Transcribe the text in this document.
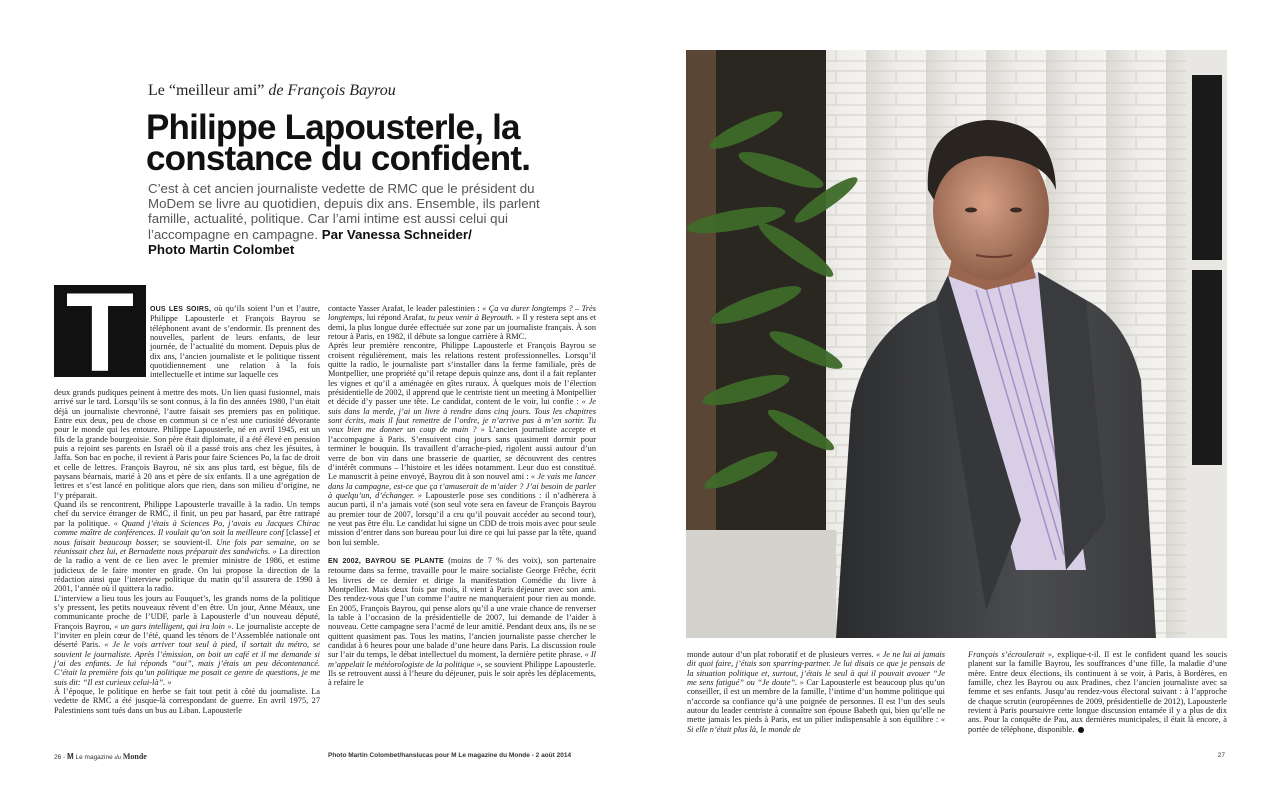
Le “meilleur ami” de François Bayrou
Philippe Lapousterle, la constance du confident.
C’est à cet ancien journaliste vedette de RMC que le président du MoDem se livre au quotidien, depuis dix ans. Ensemble, ils parlent famille, actualité, politique. Car l’ami intime est aussi celui qui l’accompagne en campagne. Par Vanessa Schneider/
Photo Martin Colombet
T OUS LES SOIRS, où qu’ils soient l’un et l’autre, Philippe Lapousterle et François Bayrou se téléphonent avant de s’endormir. Ils prennent des nouvelles, parlent de leurs enfants, de leur journée, de l’actualité du moment. Depuis plus de dix ans, l’ancien journaliste et le politique tissent quotidiennement une relation à la fois intellectuelle et intime sur laquelle ces

deux grands pudiques peinent à mettre des mots. Un lien quasi fusionnel, mais arrivé sur le tard. Lorsqu’ils se sont connus, à la fin des années 1980, l’un était déjà un journaliste chevronné, l’autre faisait ses premiers pas en politique. Entre eux deux, peu de chose en commun si ce n’est une curiosité dévorante pour le monde qui les entoure. Philippe Lapousterle, né en avril 1945, est un fils de la grande bourgeoisie. Son père était diplomate, il a été élevé en pension puis a rejoint ses parents en Israël où il a passé trois ans chez les jésuites, à Jaffa. Son bac en poche, il revient à Paris pour faire Sciences Po, la fac de droit et celle de lettres. François Bayrou, né six ans plus tard, est bègue, fils de paysans béarnais, marié à 20 ans et père de six enfants. Il a une agrégation de lettres et s’est lancé en politique alors que rien, dans son milieu d’origine, ne l’y préparait.

Quand ils se rencontrent, Philippe Lapousterle travaille à la radio. Un temps chef du service étranger de RMC, il finit, un peu par hasard, par être rattrapé par la politique. « Quand j’étais à Sciences Po, j’avais eu Jacques Chirac comme maître de conférences. Il voulait qu’on soit la meilleure conf [classe] et nous faisait beaucoup bosser, se souvient-il. Une fois par semaine, on se réunissait chez lui, et Bernadette nous préparait des sandwichs. » La direction de la radio a vent de ce lien avec le premier ministre de 1986, et estime judicieux de le faire monter en grade. On lui propose la direction de la rédaction ainsi que l’interview politique du matin qu’il assurera de 1990 à 2001, l’année où il quittera la radio.

L’interview a lieu tous les jours au Fouquet’s, les grands noms de la politique s’y pressent, les petits nouveaux rêvent d’en être. Un jour, Anne Méaux, une communicante proche de l’UDF, parle à Lapousterle d’un nouveau député, François Bayrou, « un gars intelligent, qui ira loin ». Le journaliste accepte de l’inviter en plein cœur de l’été, quand les ténors de l’Assemblée nationale ont déserté Paris. « Je le vois arriver tout seul à pied, il sortait du métro, se souvient le journaliste. Après l’émission, on boit un café et il me demande si j’ai des enfants. Je lui réponds “oui”, mais j’étais un peu décontenancé. C’était la première fois qu’un politique me posait ce genre de questions, je me suis dit: “Il est curieux celui-là”. »

À l’époque, le politique en herbe se fait tout petit à côté du journaliste. La vedette de RMC a été jusque-là correspondant de guerre. En avril 1975, 27 Palestiniens sont tués dans un bus au Liban. Lapousterle

contacte Yasser Arafat, le leader palestinien : « Ça va durer longtemps ? – Très longtemps, lui répond Arafat, tu peux venir à Beyrouth. » Il y restera sept ans et demi, la plus longue durée effectuée sur zone par un journaliste français. À son retour à Paris, en 1982, il débute sa longue carrière à RMC.

Après leur première rencontre, Philippe Lapousterle et François Bayrou se croisent régulièrement, mais les relations restent professionnelles. Lorsqu’il quitte la radio, le journaliste part s’installer dans la ferme familiale, près de Montpellier, une propriété qu’il retape depuis quinze ans, dont il a fait replanter les vignes et qu’il a aménagée en gîtes ruraux. À quelques mois de l’élection présidentielle de 2002, il apprend que le centriste tient un meeting à Montpellier et décide d’y passer une tête. Le candidat, content de le voir, lui confie : « Je suis dans la merde, j’ai un livre à rendre dans cinq jours. Tous les chapitres sont écrits, mais il faut remettre de l’ordre, je n’arrive pas à m’en sortir. Tu veux bien me donner un coup de main ? » L’ancien journaliste accepte et l’accompagne à Paris. S’ensuivent cinq jours sans quasiment dormir pour terminer le bouquin. Ils travaillent d’arrache-pied, rigolent aussi autour d’un verre de bon vin dans une brasserie de quartier, se découvrent des centres d’intérêt communs – l’histoire et les idées notamment. Leur duo est constitué. Le manuscrit à peine envoyé, Bayrou dit à son nouvel ami : « Je vais me lancer dans la campagne, est-ce que ça t’amuserait de m’aider ? J’ai besoin de parler à quelqu’un, d’échanger. » Lapousterle pose ses conditions : il n’adhèrera à aucun parti, il n’a jamais voté (son seul vote sera en faveur de François Bayrou au premier tour de 2007, lorsqu’il a cru qu’il pouvait accéder au second tour), ne veut pas être élu. Le candidat lui signe un CDD de trois mois avec pour seule mission d’entrer dans son bureau pour lui dire ce qui lui passe par la tête, quand bon lui semble.

EN 2002, BAYROU SE PLANTE (moins de 7 % des voix), son partenaire retourne dans sa ferme, travaille pour le maire socialiste George Frêche, écrit les livres de ce dernier et dirige la manifestation Comédie du livre à Montpellier. Mais deux fois par mois, il vient à Paris déjeuner avec son ami. Des rendez-vous que l’un comme l’autre ne manqueraient pour rien au monde. En 2005, François Bayrou, qui pense alors qu’il a une vraie chance de renverser la table à l’occasion de la présidentielle de 2007, lui demande de l’aider à nouveau. Cette campagne sera l’acmé de leur amitié. Pendant deux ans, ils ne se quittent quasiment pas. Tous les matins, l’ancien journaliste passe chercher le candidat à 6 heures pour une balade d’une heure dans Paris. La discussion roule sur l’air du temps, le débat intellectuel du moment, la dernière petite phrase. « Il m’appelait le météorologiste de la politique », se souvient Philippe Lapousterle. Ils se retrouvent aussi à l’heure du déjeuner, puis le soir après les déplacements, à refaire le

26 - M Le magazine du Monde	Photo Martin Colombet/hanslucas pour M Le magazine du Monde - 2 août 2014
monde autour d’un plat roboratif et de plusieurs verres. « Je ne lui ai jamais dit quoi faire, j’étais son sparring-partner. Je lui disais ce que je pensais de la situation politique et, surtout, j’étais le seul à qui il pouvait avouer “Je me sens fatigué” ou “Je doute”. » Car Lapousterle est beaucoup plus qu’un conseiller, il est un membre de la famille, l’intime d’un homme politique qui n’accorde sa confiance qu’à une poignée de personnes. Il est l’un des seuls autour du leader centriste à connaître son épouse Babeth qui, bien qu’elle ne mette jamais les pieds à Paris, est un pilier indispensable à son équilibre : « Si elle n’était plus là, le monde de
François s’écroulerait », explique-t-il. Il est le confident quand les soucis planent sur la famille Bayrou, les souffrances d’une fille, la maladie d’une mère. Entre deux élections, ils continuent à se voir, à Paris, à Bordères, en famille, chez les Bayrou ou aux Pradines, chez l’ancien journaliste avec sa femme et ses enfants. Jusqu’au rendez-vous électoral suivant : à l’approche de chaque scrutin (européennes de 2009, présidentielle de 2012), Lapousterle revient à Paris poursuivre cette longue discussion entamée il y a plus de dix ans. Pour la conquête de Pau, aux dernières municipales, il était là encore, à portée de téléphone, disponible.
27
